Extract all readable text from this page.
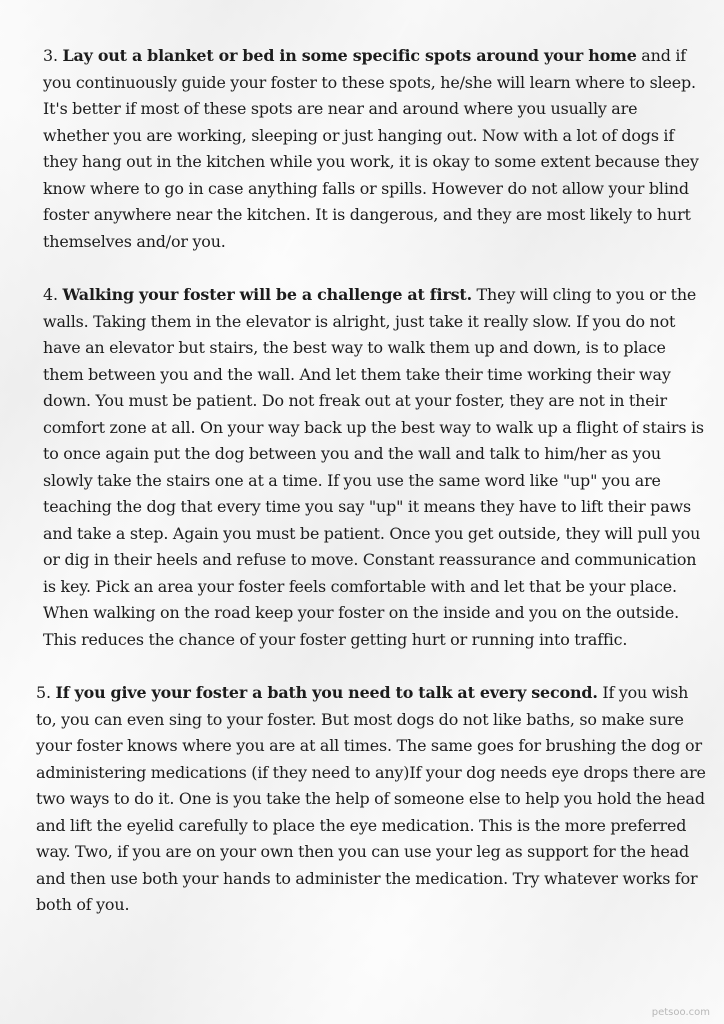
3. Lay out a blanket or bed in some specific spots around your home and if you continuously guide your foster to these spots, he/she will learn where to sleep. It's better if most of these spots are near and around where you usually are whether you are working, sleeping or just hanging out. Now with a lot of dogs if they hang out in the kitchen while you work, it is okay to some extent because they know where to go in case anything falls or spills. However do not allow your blind foster anywhere near the kitchen. It is dangerous, and they are most likely to hurt themselves and/or you.

4. Walking your foster will be a challenge at first. They will cling to you or the walls. Taking them in the elevator is alright, just take it really slow. If you do not have an elevator but stairs, the best way to walk them up and down, is to place them between you and the wall. And let them take their time working their way down. You must be patient. Do not freak out at your foster, they are not in their comfort zone at all. On your way back up the best way to walk up a flight of stairs is to once again put the dog between you and the wall and talk to him/her as you slowly take the stairs one at a time. If you use the same word like "up" you are teaching the dog that every time you say "up" it means they have to lift their paws and take a step. Again you must be patient. Once you get outside, they will pull you or dig in their heels and refuse to move. Constant reassurance and communication is key. Pick an area your foster feels comfortable with and let that be your place. When walking on the road keep your foster on the inside and you on the outside. This reduces the chance of your foster getting hurt or running into traffic.

5. If you give your foster a bath you need to talk at every second. If you wish to, you can even sing to your foster. But most dogs do not like baths, so make sure your foster knows where you are at all times. The same goes for brushing the dog or administering medications (if they need to any)If your dog needs eye drops there are two ways to do it. One is you take the help of someone else to help you hold the head and lift the eyelid carefully to place the eye medication. This is the more preferred way. Two, if you are on your own then you can use your leg as support for the head and then use both your hands to administer the medication. Try whatever works for both of you.

petsoo.com
